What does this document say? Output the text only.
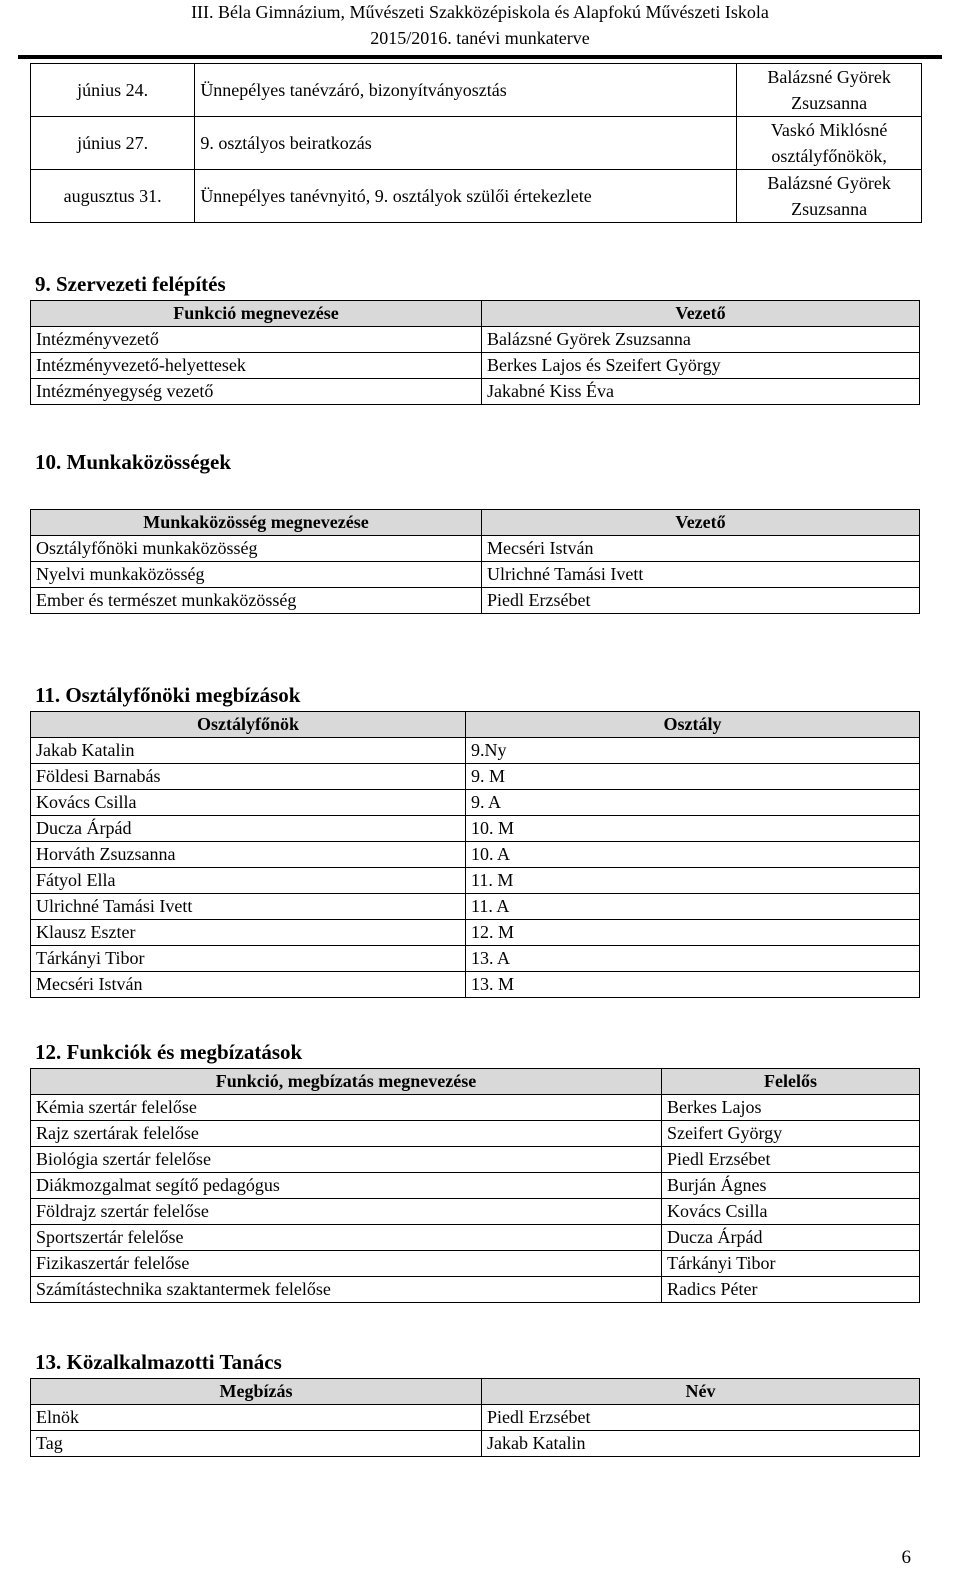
III. Béla Gimnázium, Művészeti Szakközépiskola és Alapfokú Művészeti Iskola
2015/2016. tanévi munkaterve
június 24.	Ünnepélyes tanévzáró, bizonyítványosztás	Balázsné Györek
Zsuzsanna
június 27.	9. osztályos beiratkozás	Vaskó Miklósné
osztályfőnökök,
augusztus 31.	Ünnepélyes tanévnyitó, 9. osztályok szülői értekezlete	Balázsné Györek
Zsuzsanna
9. Szervezeti felépítés
Funkció megnevezése	Vezető
Intézményvezető	Balázsné Györek Zsuzsanna
Intézményvezető-helyettesek	Berkes Lajos és Szeifert György
Intézményegység vezető	Jakabné Kiss Éva
10. Munkaközösségek
Munkaközösség megnevezése	Vezető
Osztályfőnöki munkaközösség	Mecséri István
Nyelvi munkaközösség	Ulrichné Tamási Ivett
Ember és természet munkaközösség	Piedl Erzsébet
11. Osztályfőnöki megbízások
Osztályfőnök	Osztály
Jakab Katalin	9.Ny
Földesi Barnabás	9. M
Kovács Csilla	9. A
Ducza Árpád	10. M
Horváth Zsuzsanna	10. A
Fátyol Ella	11. M
Ulrichné Tamási Ivett	11. A
Klausz Eszter	12. M
Tárkányi Tibor	13. A
Mecséri István	13. M
12. Funkciók és megbízatások
Funkció, megbízatás megnevezése	Felelős
Kémia szertár felelőse	Berkes Lajos
Rajz szertárak felelőse	Szeifert György
Biológia szertár felelőse	Piedl Erzsébet
Diákmozgalmat segítő pedagógus	Burján Ágnes
Földrajz szertár felelőse	Kovács Csilla
Sportszertár felelőse	Ducza Árpád
Fizikaszertár felelőse	Tárkányi Tibor
Számítástechnika szaktantermek felelőse	Radics Péter
13. Közalkalmazotti Tanács
Megbízás	Név
Elnök	Piedl Erzsébet
Tag	Jakab Katalin
6
